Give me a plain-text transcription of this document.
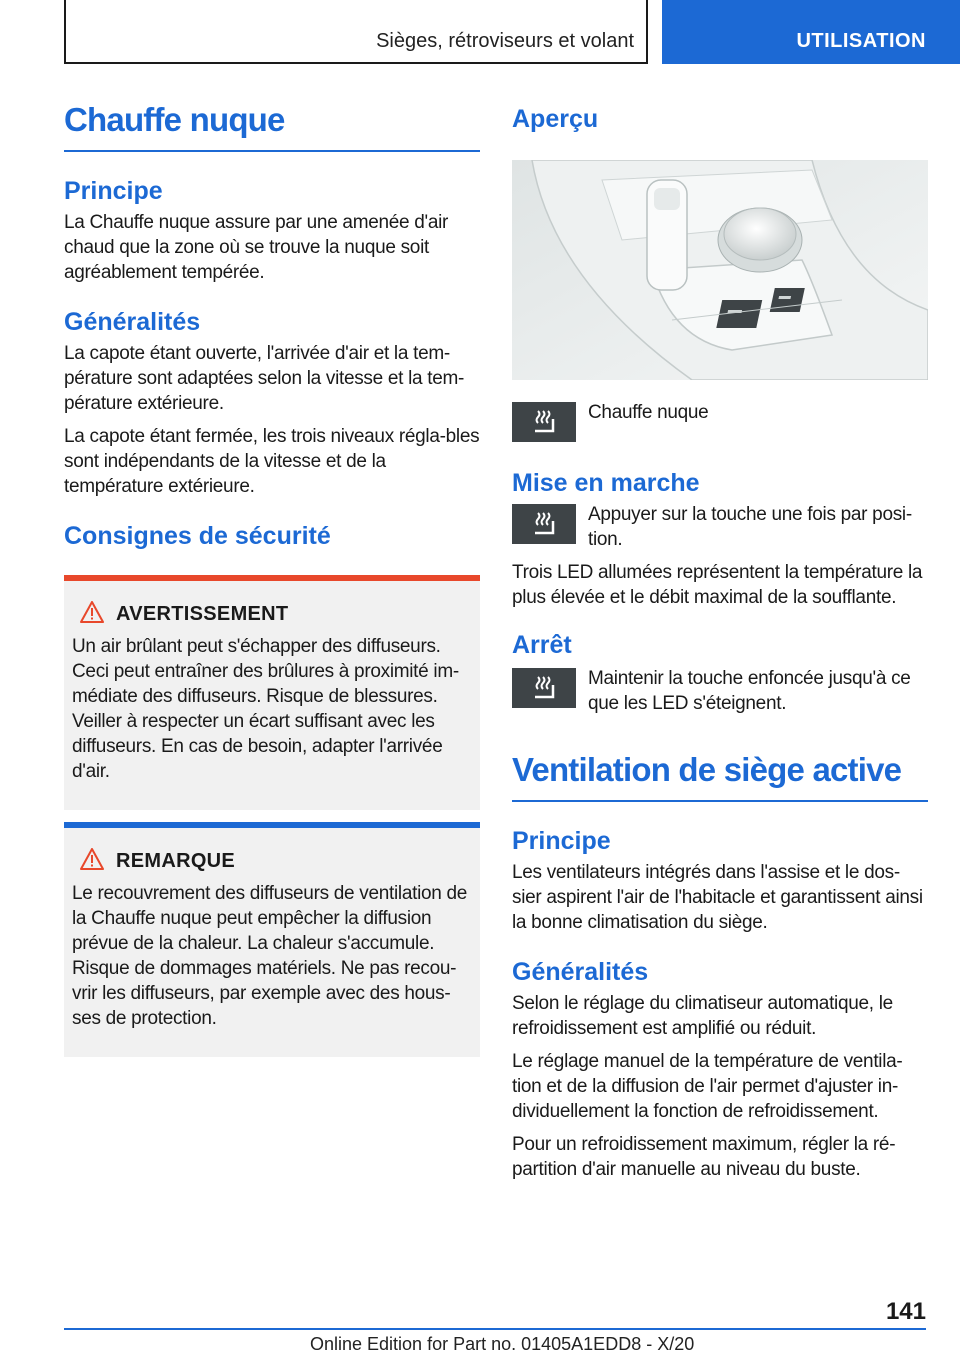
Sièges, rétroviseurs et volant	UTILISATION
Chauffe nuque
Principe

La Chauffe nuque assure par une amenée d'air chaud que la zone où se trouve la nuque soit agréablement tempérée.

Généralités

La capote étant ouverte, l'arrivée d'air et la tem-pérature sont adaptées selon la vitesse et la tem-pérature extérieure.

La capote étant fermée, les trois niveaux régla-bles sont indépendants de la vitesse et de la température extérieure.

Consignes de sécurité
AVERTISSEMENT

Un air brûlant peut s'échapper des diffuseurs. Ceci peut entraîner des brûlures à proximité im-médiate des diffuseurs. Risque de blessures. Veiller à respecter un écart suffisant avec les diffuseurs. En cas de besoin, adapter l'arrivée d'air.

REMARQUE

Le recouvrement des diffuseurs de ventilation de la Chauffe nuque peut empêcher la diffusion prévue de la chaleur. La chaleur s'accumule. Risque de dommages matériels. Ne pas recou-vrir les diffuseurs, par exemple avec des hous-ses de protection.

Aperçu

Chauffe nuque

Mise en marche

Appuyer sur la touche une fois par posi-tion.

Trois LED allumées représentent la température la plus élevée et le débit maximal de la soufflante.

Arrêt

Maintenir la touche enfoncée jusqu'à ce que les LED s'éteignent.

Ventilation de siège active
Principe

Les ventilateurs intégrés dans l'assise et le dos-sier aspirent l'air de l'habitacle et garantissent ainsi la bonne climatisation du siège.

Généralités

Selon le réglage du climatiseur automatique, le refroidissement est amplifié ou réduit.

Le réglage manuel de la température de ventila-tion et de la diffusion de l'air permet d'ajuster in-dividuellement la fonction de refroidissement.

Pour un refroidissement maximum, régler la ré-partition d'air manuelle au niveau du buste.

141
Online Edition for Part no. 01405A1EDD8 - X/20
